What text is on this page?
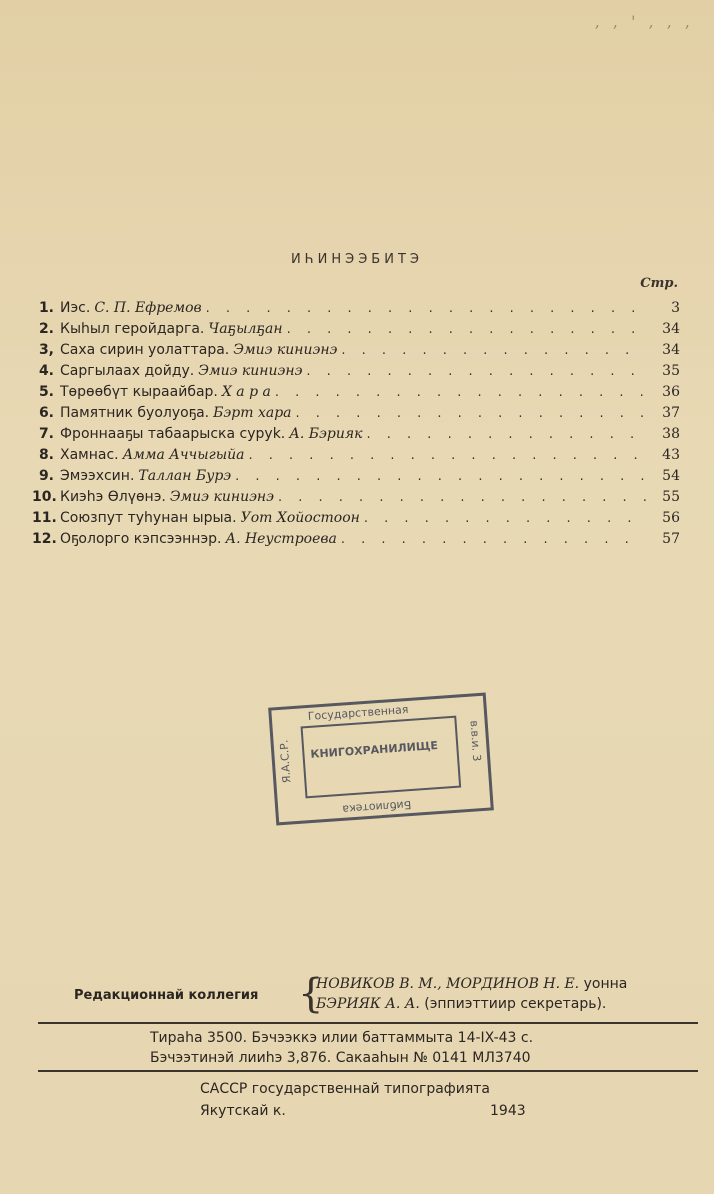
, , ' , , ,
ИҺИНЭЭБИТЭ
Стр.
1. Иэс. С. П. Ефремов . . .	3
2. Кыһыл геройдарга. Чаҕылҕан . . .	34
3, Саха сирин уолаттара. Эмиэ киниэнэ . . .	34
4. Саргылаах дойду. Эмиэ киниэнэ . . .	35
5. Төрөөбүт кыраайбар. Х а р а . . .	36
6. Памятник буолуоҕа. Бэрт хара . . .	37
7. Фроннааҕы табаарыска суруk. А. Бэрияк . . .	38
8. Хамнас. Амма Аччыгыйа . . .	43
9. Эмээхсин. Таллан Бурэ . . .	54
10. Киэһэ Өлүөнэ. Эмиэ киниэнэ . . .	55
11. Союзпут туһунан ырыа. Уот Хойостоон . . .	56
12. Оҕолорго кэпсээннэр. А. Неустроева . . .	57
Государственная
КНИГОХРАНИЛИЩЕ
Библиотека
Я.А.С.Р.	в.в.и. 3
Редакционнай коллегия {
НОВИКОВ В. М., МОРДИНОВ Н. Е. уонна
БЭРИЯК А. А. (эппиэттиир секретарь).
Тираһа 3500. Бэчээккэ илии баттаммыта 14-IX-43 с.
Бэчээтинэй лииһэ 3,876. Сакааһын № 0141 МЛ3740
САССР государственнай типографията
Якутскай к.	1943
